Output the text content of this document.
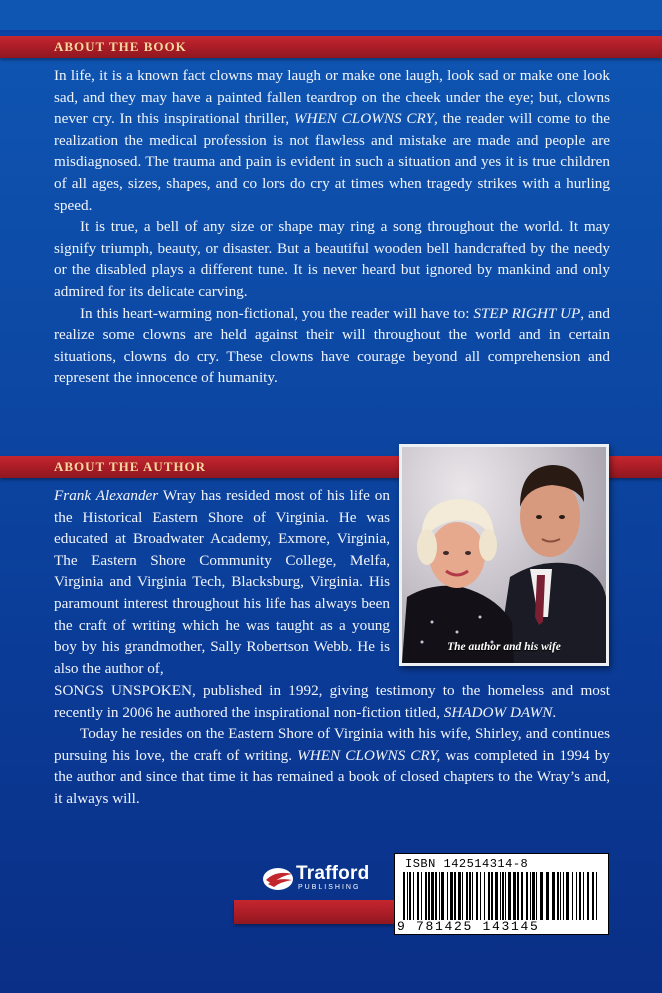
ABOUT THE BOOK

In life, it is a known fact clowns may laugh or make one laugh, look sad or make one look sad, and they may have a painted fallen teardrop on the cheek under the eye; but, clowns never cry. In this inspirational thriller, WHEN CLOWNS CRY, the reader will come to the realization the medical profession is not flawless and mistake are made and people are misdiagnosed. The trauma and pain is evident in such a situation and yes it is true children of all ages, sizes, shapes, and co lors do cry at times when tragedy strikes with a hurling speed.

It is true, a bell of any size or shape may ring a song throughout the world. It may signify triumph, beauty, or disaster. But a beautiful wooden bell handcrafted by the needy or the disabled plays a different tune. It is never heard but ignored by mankind and only admired for its delicate carving.

In this heart-warming non-fictional, you the reader will have to: STEP RIGHT UP, and realize some clowns are held against their will throughout the world and in certain situations, clowns do cry. These clowns have courage beyond all comprehension and represent the innocence of humanity.

ABOUT THE AUTHOR
The author and his wife

Frank Alexander Wray has resided most of his life on the Historical Eastern Shore of Virginia. He was educated at Broadwater Academy, Exmore, Virginia, The Eastern Shore Community College, Melfa, Virginia and Virginia Tech, Blacksburg, Virginia. His paramount interest throughout his life has always been the craft of writing which he was taught as a young boy by his grandmother, Sally Robertson Webb. He is also the author of,

SONGS UNSPOKEN, published in 1992, giving testimony to the homeless and most recently in 2006 he authored the inspirational non-fiction titled, SHADOW DAWN.

Today he resides on the Eastern Shore of Virginia with his wife, Shirley, and continues pursuing his love, the craft of writing. WHEN CLOWNS CRY, was completed in 1994 by the author and since that time it has remained a book of closed chapters to the Wray’s and, it always will.

Trafford
PUBLISHING
ISBN 142514314-8
9 781425 143145
